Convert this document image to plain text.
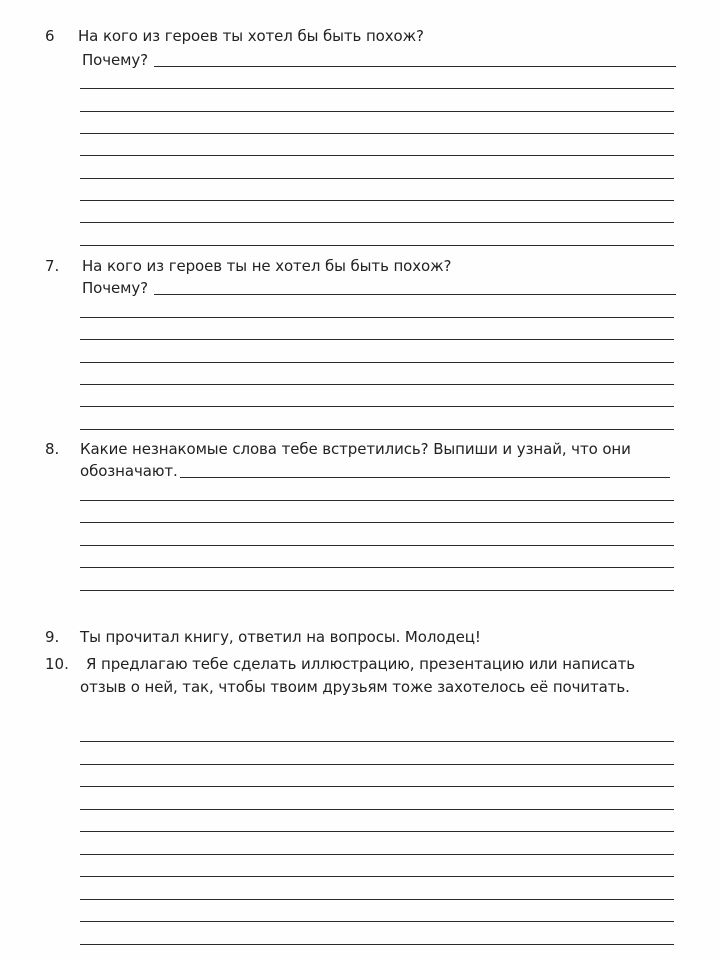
6 На кого из героев ты хотел бы быть похож?
Почему?
7. На кого из героев ты не хотел бы быть похож?
Почему?
8. Какие незнакомые слова тебе встретились? Выпиши и узнай, что они
обозначают.
9. Ты прочитал книгу, ответил на вопросы. Молодец!
10. Я предлагаю тебе сделать иллюстрацию, презентацию или написать
отзыв о ней, так, чтобы твоим друзьям тоже захотелось её почитать.
